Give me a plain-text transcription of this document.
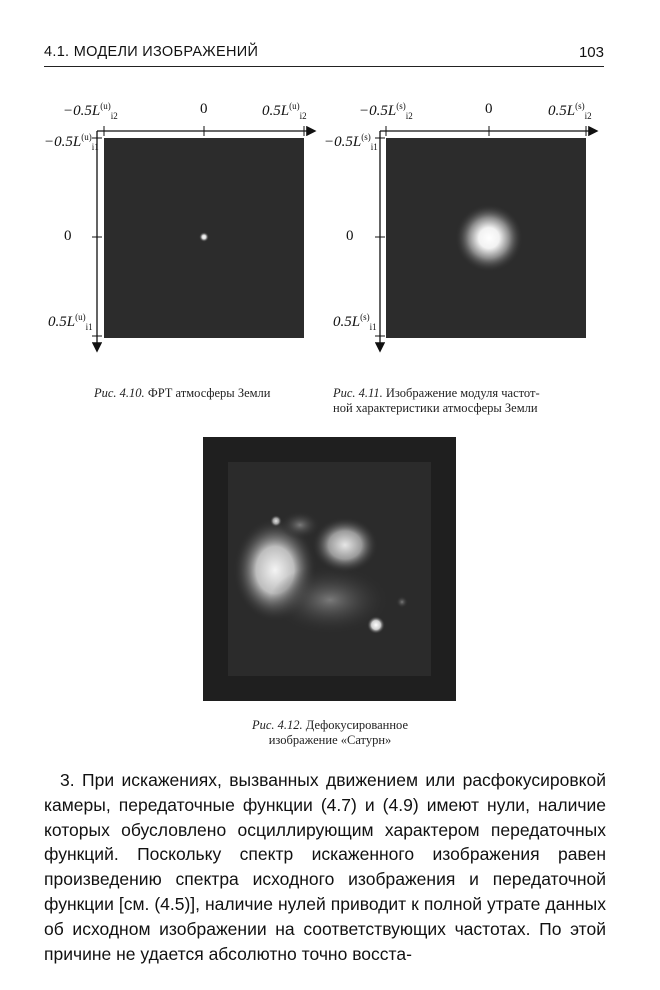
4.1. МОДЕЛИ ИЗОБРАЖЕНИЙ	103
$-0.5L^{(u)}_{i2}$	0	$0.5L^{(u)}_{i2}$
$-0.5L^{(u)}_{i1}$
0
$0.5L^{(u)}_{i1}$
Рис. 4.10. ФРТ атмосферы Земли
$-0.5L^{(s)}_{i2}$	0	$0.5L^{(s)}_{i2}$
$-0.5L^{(s)}_{i1}$
0
$0.5L^{(s)}_{i1}$
Рис. 4.11. Изображение модуля частот-
ной характеристики атмосферы Земли
Рис. 4.12. Дефокусированное
изображение «Сатурн»

3. При искажениях, вызванных движением или расфокусировкой камеры, передаточные функции (4.7) и (4.9) имеют нули, наличие которых обусловлено осциллирующим характером передаточных функций. Поскольку спектр искаженного изображения равен произведению спектра исходного изображения и передаточной функции [см. (4.5)], наличие нулей приводит к полной утрате данных об исходном изображении на соответствующих частотах. По этой причине не удается абсолютно точно восста-
